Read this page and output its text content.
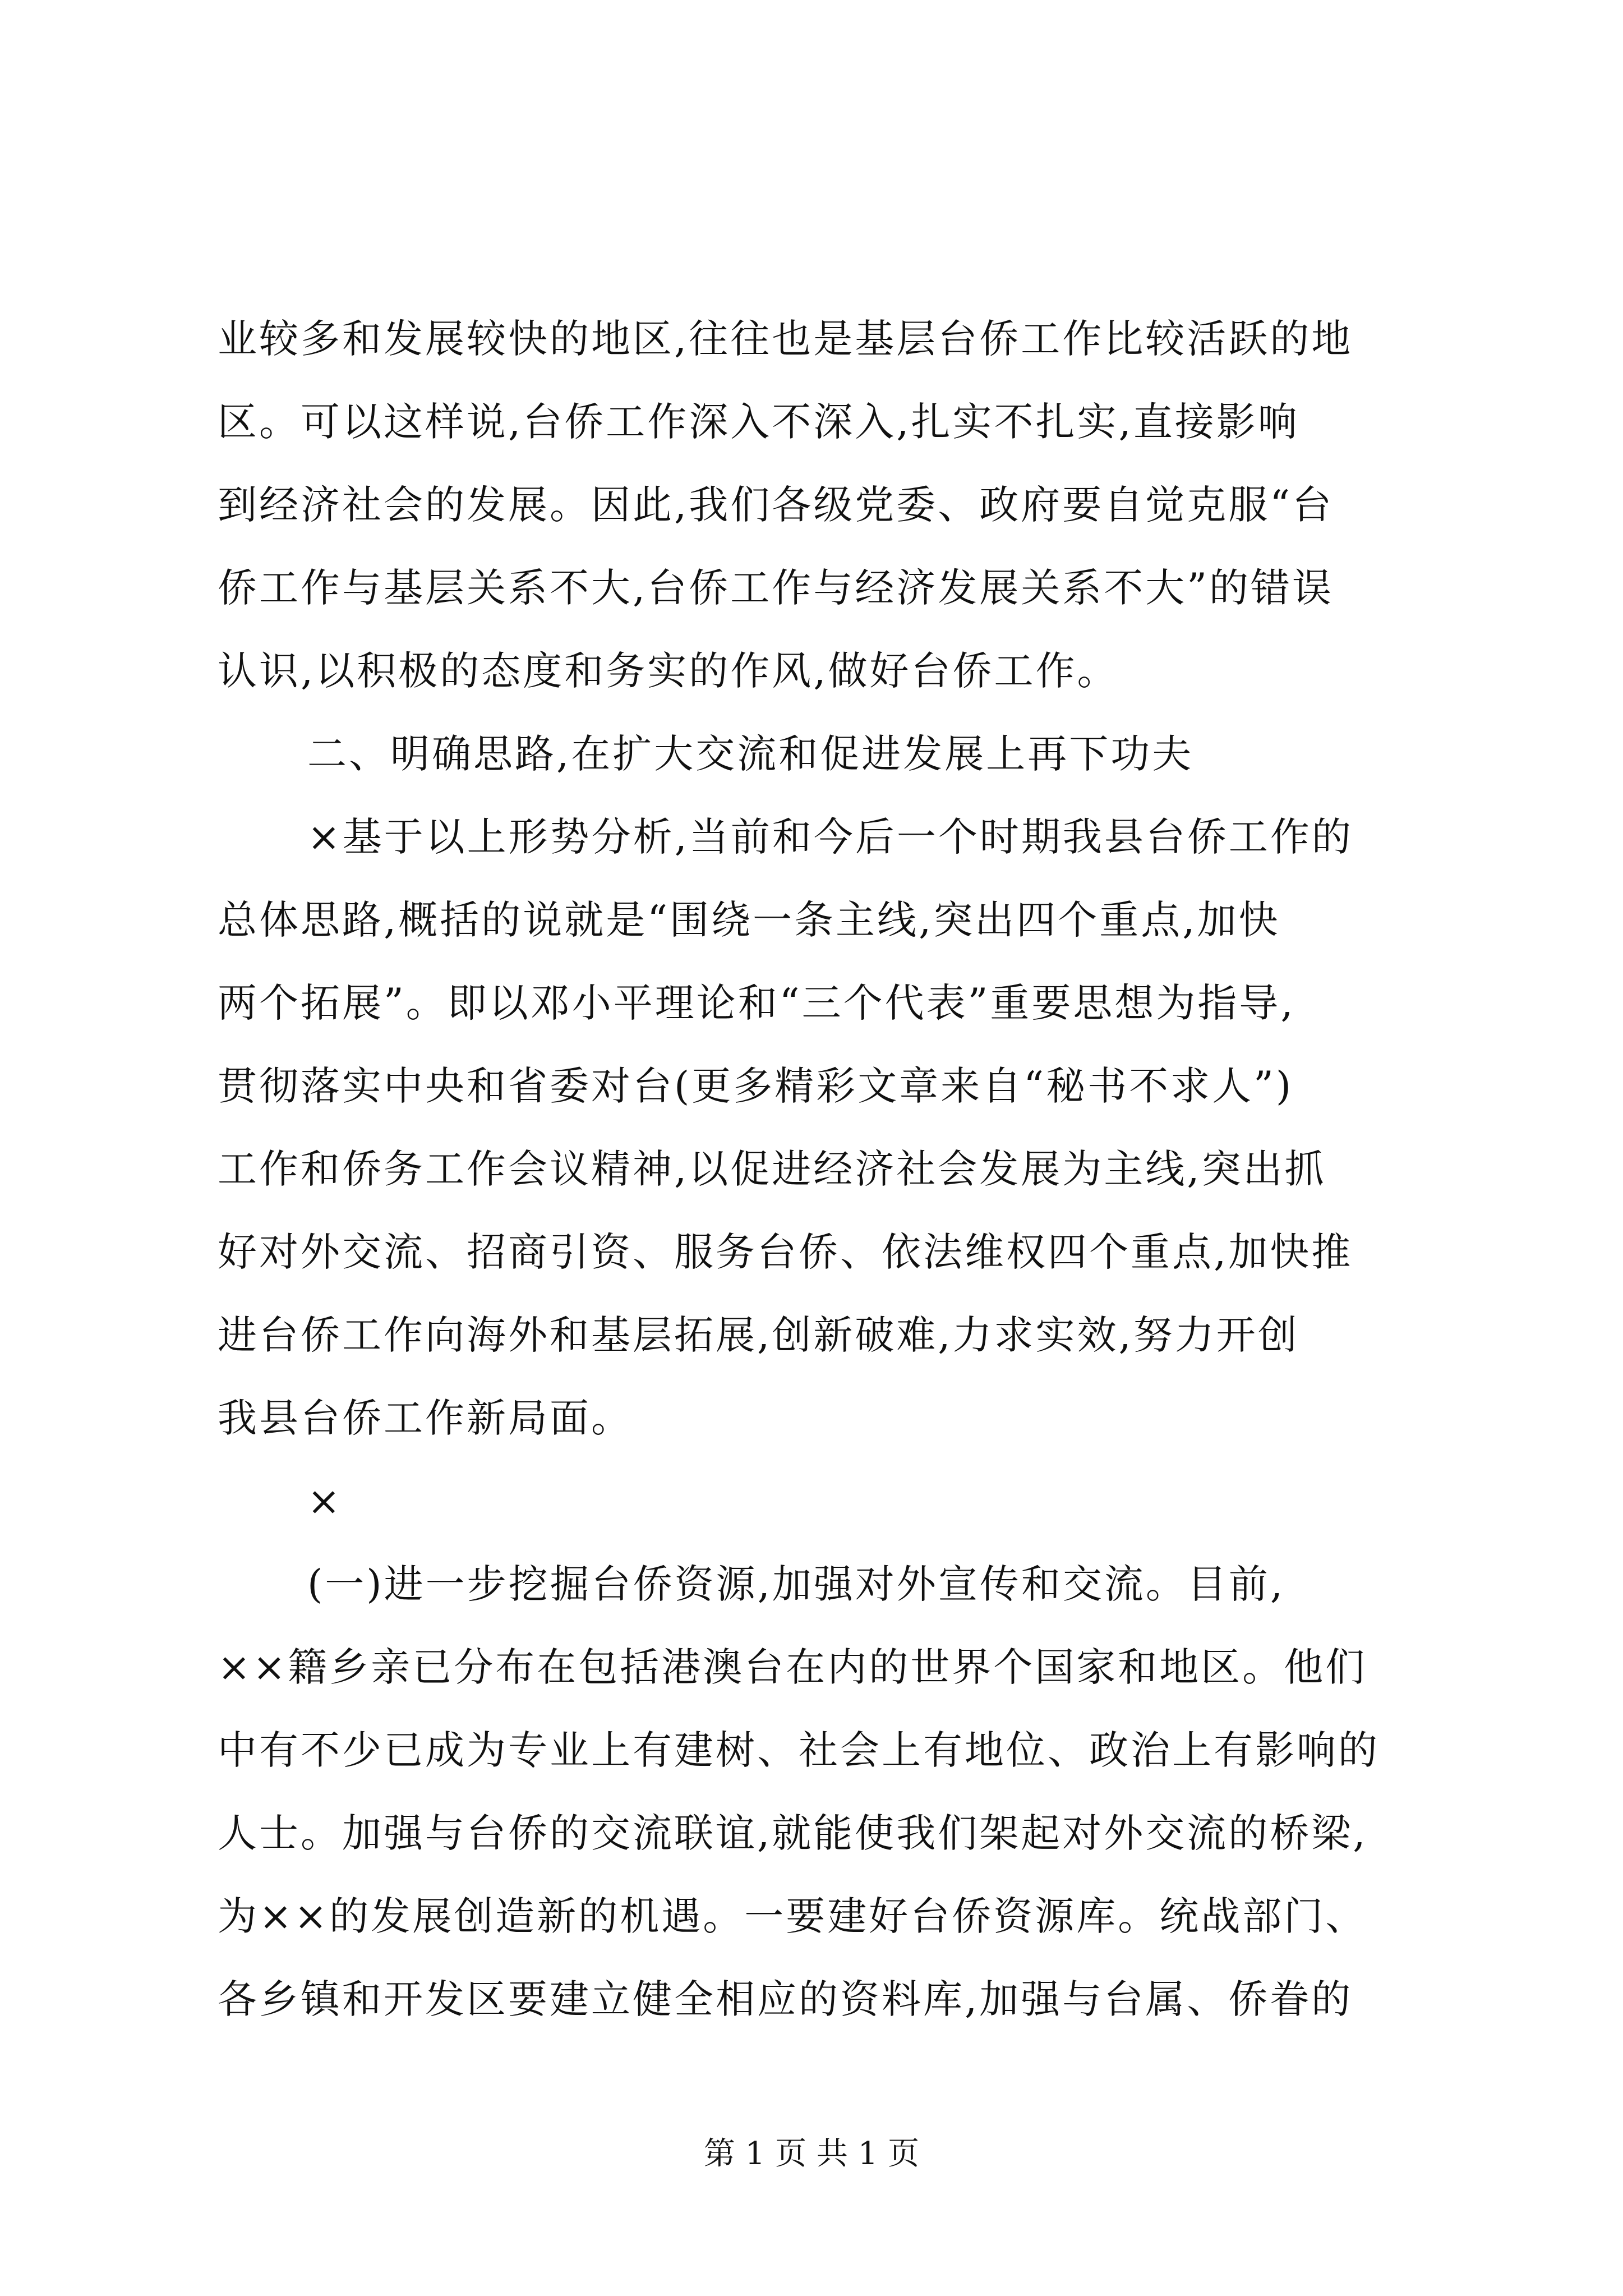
业较多和发展较快的地区,往往也是基层台侨工作比较活跃的地
区。可以这样说,台侨工作深入不深入,扎实不扎实,直接影响
到经济社会的发展。因此,我们各级党委、政府要自觉克服“台
侨工作与基层关系不大,台侨工作与经济发展关系不大”的错误
认识,以积极的态度和务实的作风,做好台侨工作。
二、明确思路,在扩大交流和促进发展上再下功夫
×基于以上形势分析,当前和今后一个时期我县台侨工作的
总体思路,概括的说就是“围绕一条主线,突出四个重点,加快
两个拓展”。即以邓小平理论和“三个代表”重要思想为指导,
贯彻落实中央和省委对台(更多精彩文章来自“秘书不求人”)
工作和侨务工作会议精神,以促进经济社会发展为主线,突出抓
好对外交流、招商引资、服务台侨、依法维权四个重点,加快推
进台侨工作向海外和基层拓展,创新破难,力求实效,努力开创
我县台侨工作新局面。
×
(一)进一步挖掘台侨资源,加强对外宣传和交流。目前,
××籍乡亲已分布在包括港澳台在内的世界个国家和地区。他们
中有不少已成为专业上有建树、社会上有地位、政治上有影响的
人士。加强与台侨的交流联谊,就能使我们架起对外交流的桥梁,
为××的发展创造新的机遇。一要建好台侨资源库。统战部门、
各乡镇和开发区要建立健全相应的资料库,加强与台属、侨眷的
第 1 页 共 1 页
